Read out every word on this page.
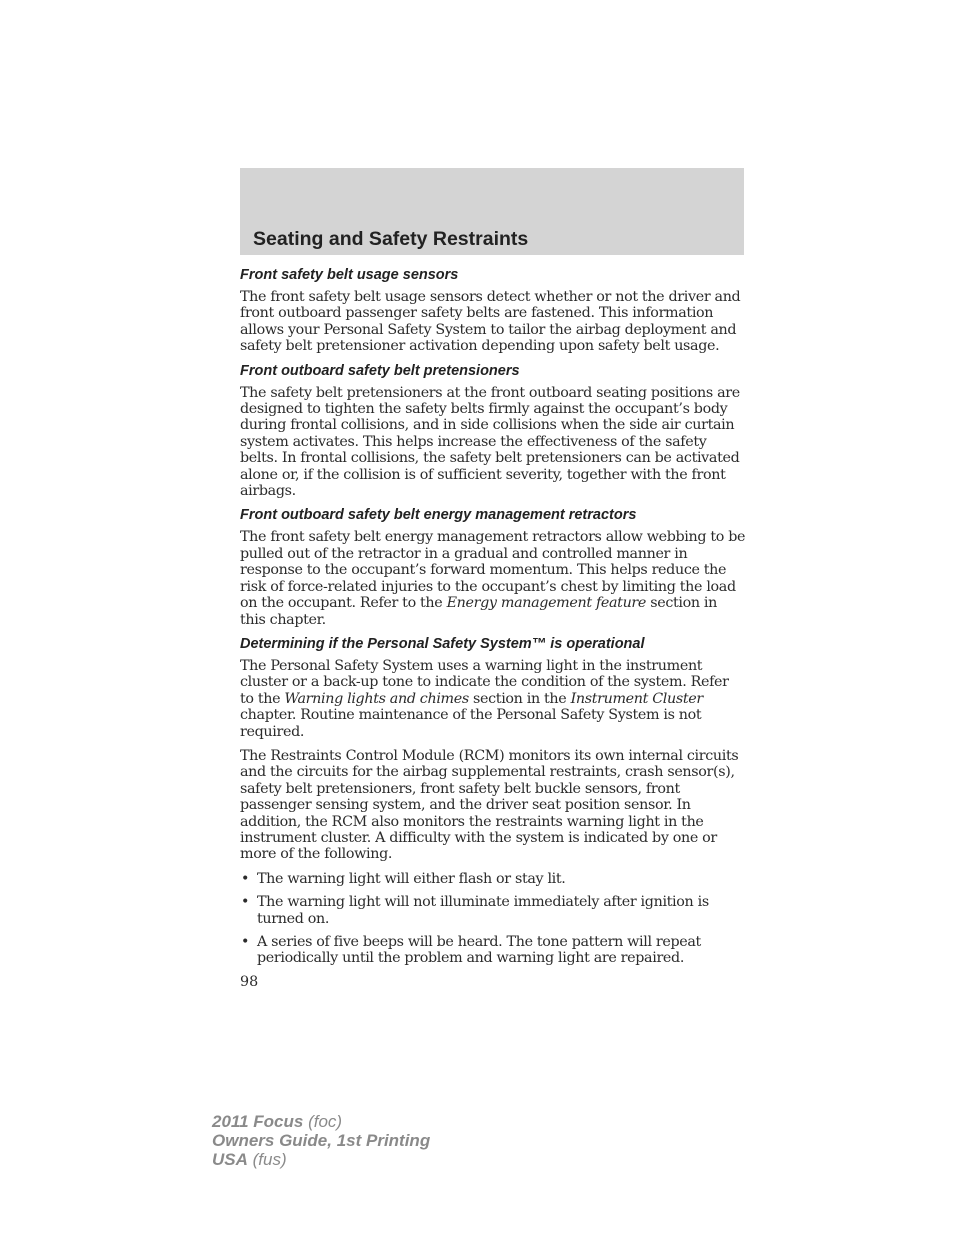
Seating and Safety Restraints
Front safety belt usage sensors

The front safety belt usage sensors detect whether or not the driver and front outboard passenger safety belts are fastened. This information allows your Personal Safety System to tailor the airbag deployment and safety belt pretensioner activation depending upon safety belt usage.

Front outboard safety belt pretensioners

The safety belt pretensioners at the front outboard seating positions are designed to tighten the safety belts firmly against the occupant’s body during frontal collisions, and in side collisions when the side air curtain system activates. This helps increase the effectiveness of the safety belts. In frontal collisions, the safety belt pretensioners can be activated alone or, if the collision is of sufficient severity, together with the front airbags.

Front outboard safety belt energy management retractors

The front safety belt energy management retractors allow webbing to be pulled out of the retractor in a gradual and controlled manner in response to the occupant’s forward momentum. This helps reduce the risk of force-related injuries to the occupant’s chest by limiting the load on the occupant. Refer to the Energy management feature section in this chapter.

Determining if the Personal Safety System™ is operational

The Personal Safety System uses a warning light in the instrument cluster or a back-up tone to indicate the condition of the system. Refer to the Warning lights and chimes section in the Instrument Cluster chapter. Routine maintenance of the Personal Safety System is not required.

The Restraints Control Module (RCM) monitors its own internal circuits and the circuits for the airbag supplemental restraints, crash sensor(s), safety belt pretensioners, front safety belt buckle sensors, front passenger sensing system, and the driver seat position sensor. In addition, the RCM also monitors the restraints warning light in the instrument cluster. A difficulty with the system is indicated by one or more of the following.

• The warning light will either flash or stay lit.
• The warning light will not illuminate immediately after ignition is turned on.
• A series of five beeps will be heard. The tone pattern will repeat periodically until the problem and warning light are repaired.
98
2011 Focus (foc)
Owners Guide, 1st Printing
USA (fus)
